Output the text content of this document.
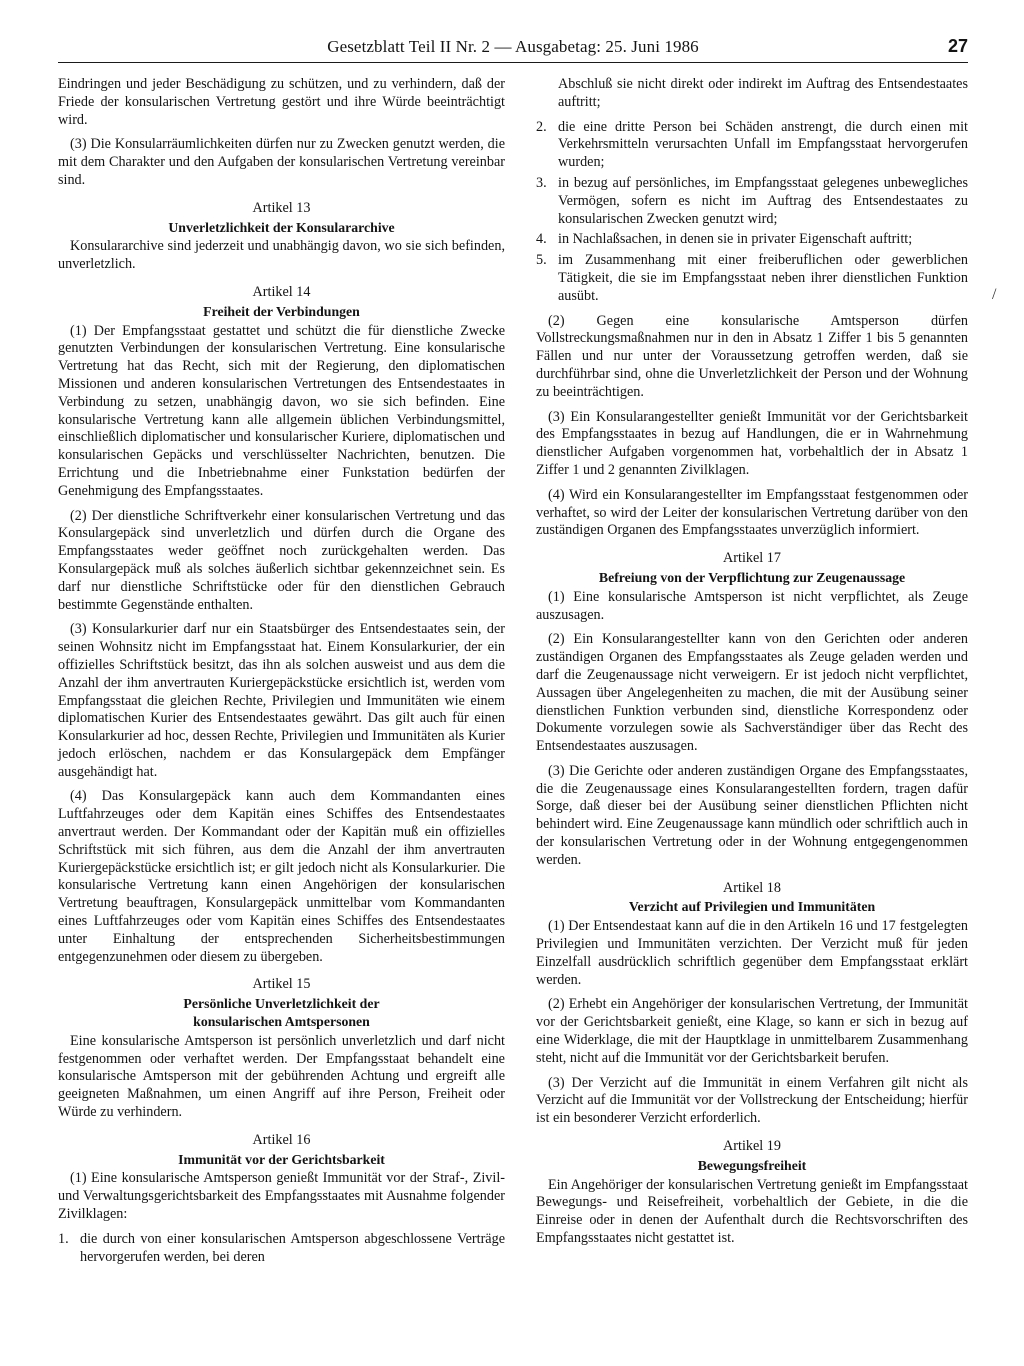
Gesetzblatt Teil II Nr. 2 — Ausgabetag: 25. Juni 1986	27

Eindringen und jeder Beschädigung zu schützen, und zu verhindern, daß der Friede der konsularischen Vertretung gestört und ihre Würde beeinträchtigt wird.

(3) Die Konsularräumlichkeiten dürfen nur zu Zwecken genutzt werden, die mit dem Charakter und den Aufgaben der konsularischen Vertretung vereinbar sind.

Artikel 13
Unverletzlichkeit der Konsulararchive

Konsulararchive sind jederzeit und unabhängig davon, wo sie sich befinden, unverletzlich.

Artikel 14
Freiheit der Verbindungen

(1) Der Empfangsstaat gestattet und schützt die für dienstliche Zwecke genutzten Verbindungen der konsularischen Vertretung. Eine konsularische Vertretung hat das Recht, sich mit der Regierung, den diplomatischen Missionen und anderen konsularischen Vertretungen des Entsendestaates in Verbindung zu setzen, unabhängig davon, wo sie sich befinden. Eine konsularische Vertretung kann alle allgemein üblichen Verbindungsmittel, einschließlich diplomatischer und konsularischer Kuriere, diplomatischen und konsularischen Gepäcks und verschlüsselter Nachrichten, benutzen. Die Errichtung und die Inbetriebnahme einer Funkstation bedürfen der Genehmigung des Empfangsstaates.

(2) Der dienstliche Schriftverkehr einer konsularischen Vertretung und das Konsulargepäck sind unverletzlich und dürfen durch die Organe des Empfangsstaates weder geöffnet noch zurückgehalten werden. Das Konsulargepäck muß als solches äußerlich sichtbar gekennzeichnet sein. Es darf nur dienstliche Schriftstücke oder für den dienstlichen Gebrauch bestimmte Gegenstände enthalten.

(3) Konsularkurier darf nur ein Staatsbürger des Entsendestaates sein, der seinen Wohnsitz nicht im Empfangsstaat hat. Einem Konsularkurier, der ein offizielles Schriftstück besitzt, das ihn als solchen ausweist und aus dem die Anzahl der ihm anvertrauten Kuriergepäckstücke ersichtlich ist, werden vom Empfangsstaat die gleichen Rechte, Privilegien und Immunitäten wie einem diplomatischen Kurier des Entsendestaates gewährt. Das gilt auch für einen Konsularkurier ad hoc, dessen Rechte, Privilegien und Immunitäten als Kurier jedoch erlöschen, nachdem er das Konsulargepäck dem Empfänger ausgehändigt hat.

(4) Das Konsulargepäck kann auch dem Kommandanten eines Luftfahrzeuges oder dem Kapitän eines Schiffes des Entsendestaates anvertraut werden. Der Kommandant oder der Kapitän muß ein offizielles Schriftstück mit sich führen, aus dem die Anzahl der ihm anvertrauten Kuriergepäckstücke ersichtlich ist; er gilt jedoch nicht als Konsularkurier. Die konsularische Vertretung kann einen Angehörigen der konsularischen Vertretung beauftragen, Konsulargepäck unmittelbar vom Kommandanten eines Luftfahrzeuges oder vom Kapitän eines Schiffes des Entsendestaates unter Einhaltung der entsprechenden Sicherheitsbestimmungen entgegenzunehmen oder diesem zu übergeben.

Artikel 15
Persönliche Unverletzlichkeit der
konsularischen Amtspersonen

Eine konsularische Amtsperson ist persönlich unverletzlich und darf nicht festgenommen oder verhaftet werden. Der Empfangsstaat behandelt eine konsularische Amtsperson mit der gebührenden Achtung und ergreift alle geeigneten Maßnahmen, um einen Angriff auf ihre Person, Freiheit oder Würde zu verhindern.

Artikel 16
Immunität vor der Gerichtsbarkeit

(1) Eine konsularische Amtsperson genießt Immunität vor der Straf-, Zivil- und Verwaltungsgerichtsbarkeit des Empfangsstaates mit Ausnahme folgender Zivilklagen:

1. die durch von einer konsularischen Amtsperson abgeschlossene Verträge hervorgerufen werden, bei deren

Abschluß sie nicht direkt oder indirekt im Auftrag des Entsendestaates auftritt;

2. die eine dritte Person bei Schäden anstrengt, die durch einen mit Verkehrsmitteln verursachten Unfall im Empfangsstaat hervorgerufen wurden;
3. in bezug auf persönliches, im Empfangsstaat gelegenes unbewegliches Vermögen, sofern es nicht im Auftrag des Entsendestaates zu konsularischen Zwecken genutzt wird;
4. in Nachlaßsachen, in denen sie in privater Eigenschaft auftritt;
5. im Zusammenhang mit einer freiberuflichen oder gewerblichen Tätigkeit, die sie im Empfangsstaat neben ihrer dienstlichen Funktion ausübt.

(2) Gegen eine konsularische Amtsperson dürfen Vollstreckungsmaßnahmen nur in den in Absatz 1 Ziffer 1 bis 5 genannten Fällen und nur unter der Voraussetzung getroffen werden, daß sie durchführbar sind, ohne die Unverletzlichkeit der Person und der Wohnung zu beeinträchtigen.

(3) Ein Konsularangestellter genießt Immunität vor der Gerichtsbarkeit des Empfangsstaates in bezug auf Handlungen, die er in Wahrnehmung dienstlicher Aufgaben vorgenommen hat, vorbehaltlich der in Absatz 1 Ziffer 1 und 2 genannten Zivilklagen.

(4) Wird ein Konsularangestellter im Empfangsstaat festgenommen oder verhaftet, so wird der Leiter der konsularischen Vertretung darüber von den zuständigen Organen des Empfangsstaates unverzüglich informiert.

Artikel 17
Befreiung von der Verpflichtung zur Zeugenaussage

(1) Eine konsularische Amtsperson ist nicht verpflichtet, als Zeuge auszusagen.

(2) Ein Konsularangestellter kann von den Gerichten oder anderen zuständigen Organen des Empfangsstaates als Zeuge geladen werden und darf die Zeugenaussage nicht verweigern. Er ist jedoch nicht verpflichtet, Aussagen über Angelegenheiten zu machen, die mit der Ausübung seiner dienstlichen Funktion verbunden sind, dienstliche Korrespondenz oder Dokumente vorzulegen sowie als Sachverständiger über das Recht des Entsendestaates auszusagen.

(3) Die Gerichte oder anderen zuständigen Organe des Empfangsstaates, die die Zeugenaussage eines Konsularangestellten fordern, tragen dafür Sorge, daß dieser bei der Ausübung seiner dienstlichen Pflichten nicht behindert wird. Eine Zeugenaussage kann mündlich oder schriftlich auch in der konsularischen Vertretung oder in der Wohnung entgegengenommen werden.

Artikel 18
Verzicht auf Privilegien und Immunitäten

(1) Der Entsendestaat kann auf die in den Artikeln 16 und 17 festgelegten Privilegien und Immunitäten verzichten. Der Verzicht muß für jeden Einzelfall ausdrücklich schriftlich gegenüber dem Empfangsstaat erklärt werden.

(2) Erhebt ein Angehöriger der konsularischen Vertretung, der Immunität vor der Gerichtsbarkeit genießt, eine Klage, so kann er sich in bezug auf eine Widerklage, die mit der Hauptklage in unmittelbarem Zusammenhang steht, nicht auf die Immunität vor der Gerichtsbarkeit berufen.

(3) Der Verzicht auf die Immunität in einem Verfahren gilt nicht als Verzicht auf die Immunität vor der Vollstreckung der Entscheidung; hierfür ist ein besonderer Verzicht erforderlich.

Artikel 19
Bewegungsfreiheit

Ein Angehöriger der konsularischen Vertretung genießt im Empfangsstaat Bewegungs- und Reisefreiheit, vorbehaltlich der Gebiete, in die die Einreise oder in denen der Aufenthalt durch die Rechtsvorschriften des Empfangsstaates nicht gestattet ist.

/
